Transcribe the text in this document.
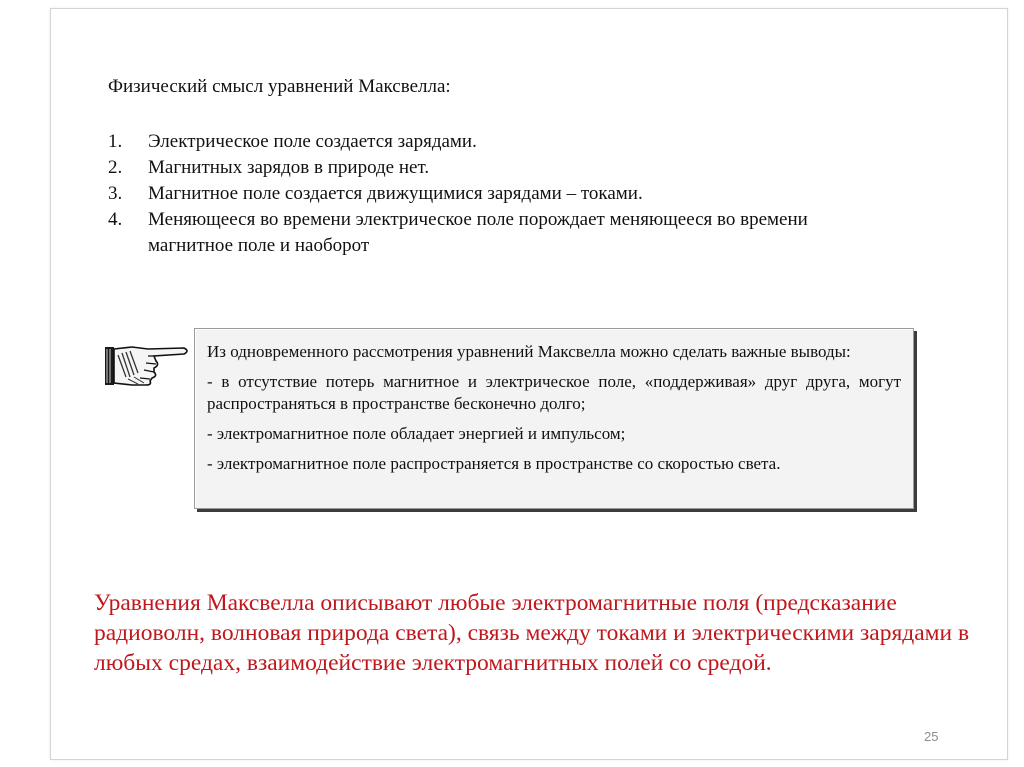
Физический смысл уравнений Максвелла:
1.	Электрическое поле создается зарядами.
2.	Магнитных зарядов в природе нет.
3.	Магнитное поле создается движущимися зарядами – токами.
4.	Меняющееся во времени электрическое поле порождает меняющееся во времени магнитное поле и наоборот

Из одновременного рассмотрения уравнений Максвелла можно сделать важные выводы:

- в отсутствие потерь магнитное и электрическое поле, «поддерживая» друг друга, могут распространяться в пространстве бесконечно долго;

- электромагнитное поле обладает энергией и импульсом;

- электромагнитное поле распространяется в пространстве со скоростью света.

Уравнения Максвелла описывают любые электромагнитные поля (предсказание радиоволн, волновая природа света), связь между токами и электрическими зарядами в любых средах, взаимодействие электромагнитных полей со средой.

25
